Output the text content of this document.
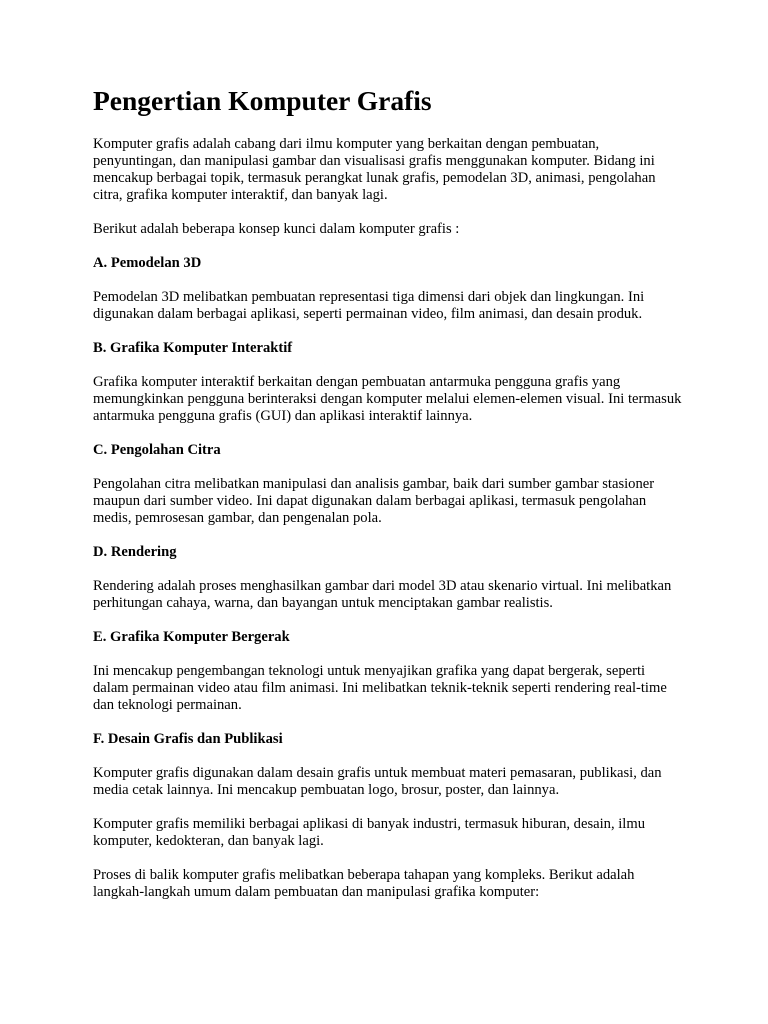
Pengertian Komputer Grafis

Komputer grafis adalah cabang dari ilmu komputer yang berkaitan dengan pembuatan, penyuntingan, dan manipulasi gambar dan visualisasi grafis menggunakan komputer. Bidang ini mencakup berbagai topik, termasuk perangkat lunak grafis, pemodelan 3D, animasi, pengolahan citra, grafika komputer interaktif, dan banyak lagi.

Berikut adalah beberapa konsep kunci dalam komputer grafis :

A. Pemodelan 3D

Pemodelan 3D melibatkan pembuatan representasi tiga dimensi dari objek dan lingkungan. Ini digunakan dalam berbagai aplikasi, seperti permainan video, film animasi, dan desain produk.

B. Grafika Komputer Interaktif

Grafika komputer interaktif berkaitan dengan pembuatan antarmuka pengguna grafis yang memungkinkan pengguna berinteraksi dengan komputer melalui elemen-elemen visual. Ini termasuk antarmuka pengguna grafis (GUI) dan aplikasi interaktif lainnya.

C. Pengolahan Citra

Pengolahan citra melibatkan manipulasi dan analisis gambar, baik dari sumber gambar stasioner maupun dari sumber video. Ini dapat digunakan dalam berbagai aplikasi, termasuk pengolahan medis, pemrosesan gambar, dan pengenalan pola.

D. Rendering

Rendering adalah proses menghasilkan gambar dari model 3D atau skenario virtual. Ini melibatkan perhitungan cahaya, warna, dan bayangan untuk menciptakan gambar realistis.

E. Grafika Komputer Bergerak

Ini mencakup pengembangan teknologi untuk menyajikan grafika yang dapat bergerak, seperti dalam permainan video atau film animasi. Ini melibatkan teknik-teknik seperti rendering real-time dan teknologi permainan.

F. Desain Grafis dan Publikasi

Komputer grafis digunakan dalam desain grafis untuk membuat materi pemasaran, publikasi, dan media cetak lainnya. Ini mencakup pembuatan logo, brosur, poster, dan lainnya.

Komputer grafis memiliki berbagai aplikasi di banyak industri, termasuk hiburan, desain, ilmu komputer, kedokteran, dan banyak lagi.

Proses di balik komputer grafis melibatkan beberapa tahapan yang kompleks. Berikut adalah langkah-langkah umum dalam pembuatan dan manipulasi grafika komputer:
